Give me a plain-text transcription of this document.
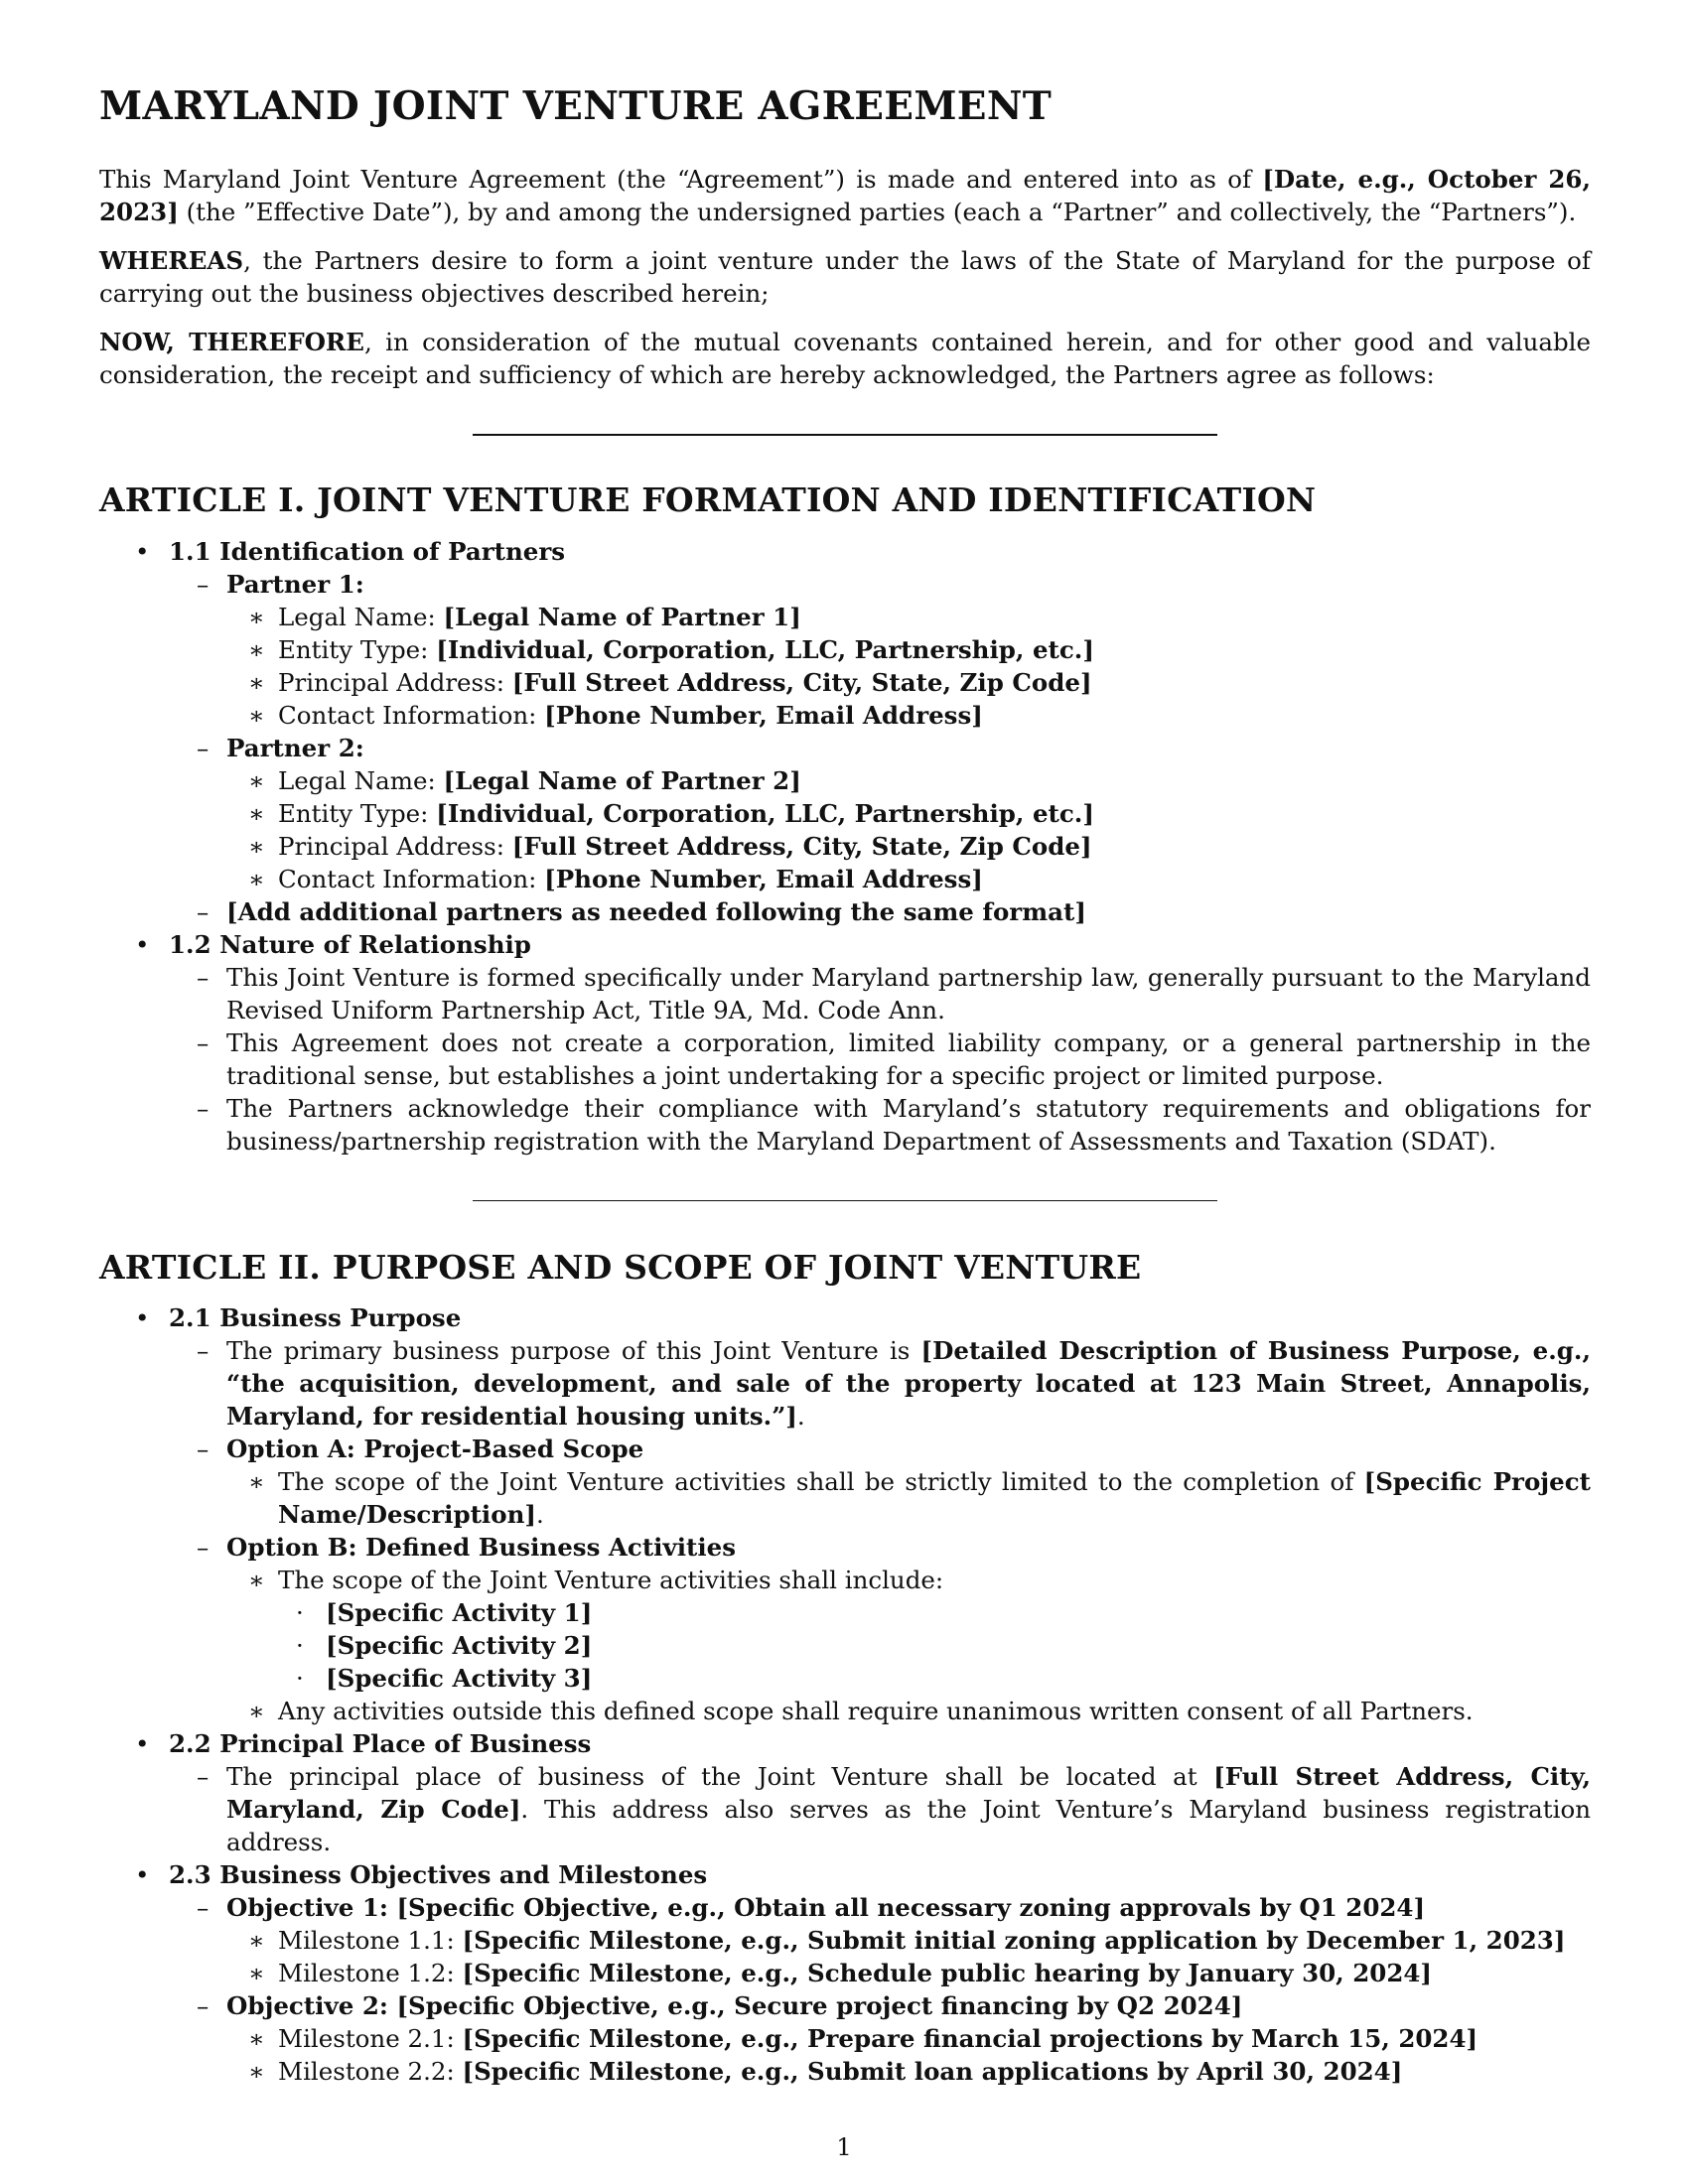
MARYLAND JOINT VENTURE AGREEMENT

This Maryland Joint Venture Agreement (the “Agreement”) is made and entered into as of [Date, e.g., October 26, 2023] (the ”Effective Date”), by and among the undersigned parties (each a “Partner” and collectively, the “Partners”).

WHEREAS, the Partners desire to form a joint venture under the laws of the State of Maryland for the purpose of carrying out the business objectives described herein;

NOW, THEREFORE, in consideration of the mutual covenants contained herein, and for other good and valuable consideration, the receipt and sufficiency of which are hereby acknowledged, the Partners agree as follows:

ARTICLE I. JOINT VENTURE FORMATION AND IDENTIFICATION
• 1.1 Identification of Partners
– Partner 1:
∗ Legal Name: [Legal Name of Partner 1]
∗ Entity Type: [Individual, Corporation, LLC, Partnership, etc.]
∗ Principal Address: [Full Street Address, City, State, Zip Code]
∗ Contact Information: [Phone Number, Email Address]
– Partner 2:
∗ Legal Name: [Legal Name of Partner 2]
∗ Entity Type: [Individual, Corporation, LLC, Partnership, etc.]
∗ Principal Address: [Full Street Address, City, State, Zip Code]
∗ Contact Information: [Phone Number, Email Address]
– [Add additional partners as needed following the same format]
• 1.2 Nature of Relationship
– This Joint Venture is formed specifically under Maryland partnership law, generally pursuant to the Maryland Revised Uniform Partnership Act, Title 9A, Md. Code Ann.
– This Agreement does not create a corporation, limited liability company, or a general partnership in the traditional sense, but establishes a joint undertaking for a specific project or limited purpose.
– The Partners acknowledge their compliance with Maryland’s statutory requirements and obligations for business/partnership registration with the Maryland Department of Assessments and Taxation (SDAT).
ARTICLE II. PURPOSE AND SCOPE OF JOINT VENTURE
• 2.1 Business Purpose
– The primary business purpose of this Joint Venture is [Detailed Description of Business Purpose, e.g., “the acquisition, development, and sale of the property located at 123 Main Street, Annapolis, Maryland, for residential housing units.”].
– Option A: Project-Based Scope
∗ The scope of the Joint Venture activities shall be strictly limited to the completion of [Specific Project Name/Description].
– Option B: Defined Business Activities
∗ The scope of the Joint Venture activities shall include:
· [Specific Activity 1]
· [Specific Activity 2]
· [Specific Activity 3]
∗ Any activities outside this defined scope shall require unanimous written consent of all Partners.
• 2.2 Principal Place of Business
– The principal place of business of the Joint Venture shall be located at [Full Street Address, City, Maryland, Zip Code]. This address also serves as the Joint Venture’s Maryland business registration address.
• 2.3 Business Objectives and Milestones
– Objective 1: [Specific Objective, e.g., Obtain all necessary zoning approvals by Q1 2024]
∗ Milestone 1.1: [Specific Milestone, e.g., Submit initial zoning application by December 1, 2023]
∗ Milestone 1.2: [Specific Milestone, e.g., Schedule public hearing by January 30, 2024]
– Objective 2: [Specific Objective, e.g., Secure project financing by Q2 2024]
∗ Milestone 2.1: [Specific Milestone, e.g., Prepare financial projections by March 15, 2024]
∗ Milestone 2.2: [Specific Milestone, e.g., Submit loan applications by April 30, 2024]
1
